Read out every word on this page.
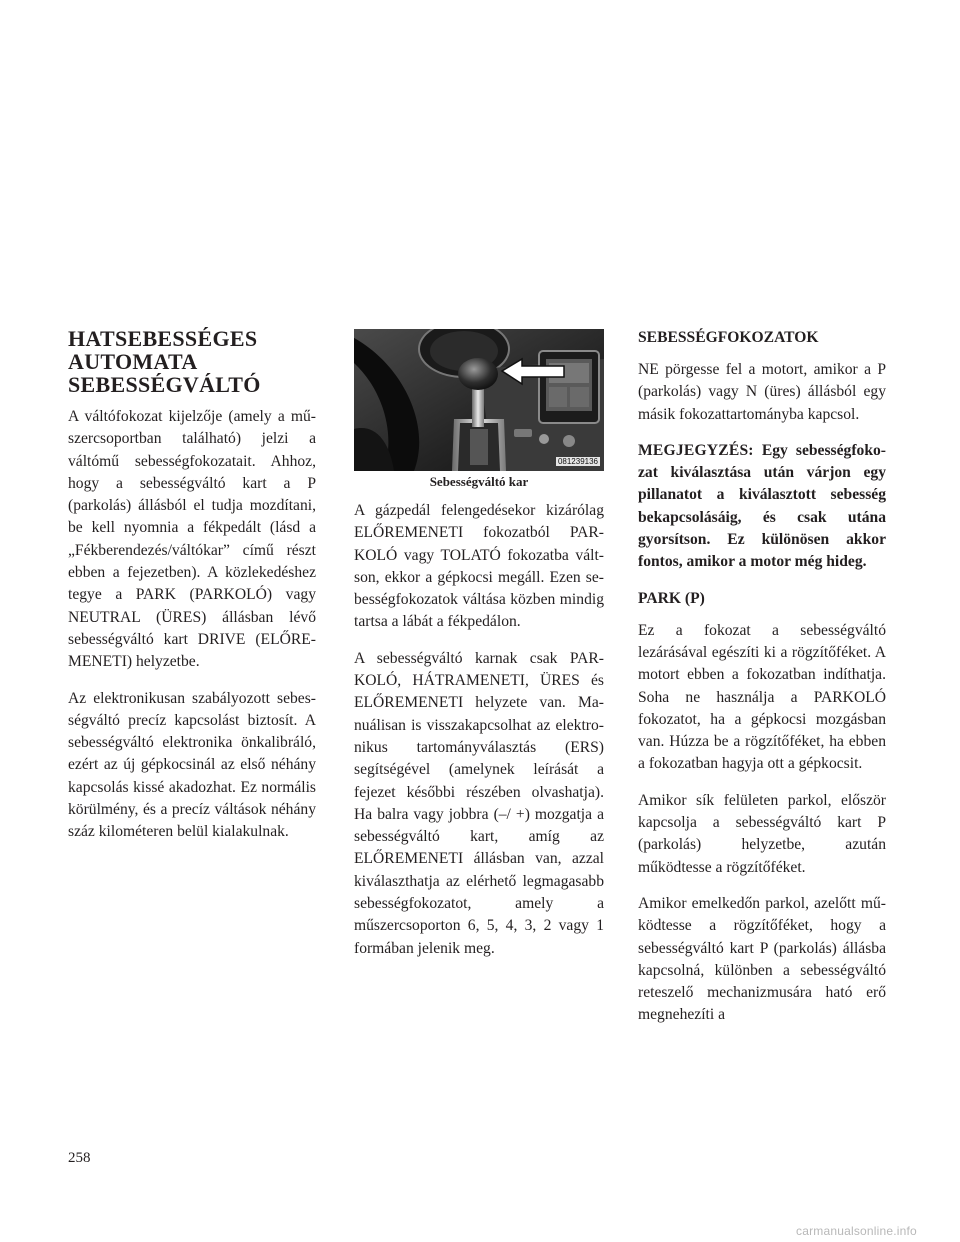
HATSEBESSÉGES
AUTOMATA
SEBESSÉGVÁLTÓ

A váltófokozat kijelzője (amely a műszercsoportban található) jelzi a váltómű sebességfokozatait. Ahhoz, hogy a sebességváltó kart a P (parkolás) állásból el tudja mozdítani, be kell nyomnia a fékpedált (lásd a „Fékberendezés/váltókar” című részt ebben a fejezetben). A közlekedéshez tegye a PARK (PARKOLÓ) vagy NEUTRAL (ÜRES) állásban lévő sebességváltó kart DRIVE (ELŐREMENETI) helyzetbe.

Az elektronikusan szabályozott sebességváltó precíz kapcsolást biztosít. A sebességváltó elektronika önkalibráló, ezért az új gépkocsinál az első néhány kapcsolás kissé akadozhat. Ez normális körülmény, és a precíz váltások néhány száz kilométeren belül kialakulnak.

081239136
Sebességváltó kar

A gázpedál felengedésekor kizárólag ELŐREMENETI fokozatból PARKOLÓ vagy TOLATÓ fokozatba váltson, ekkor a gépkocsi megáll. Ezen sebességfokozatok váltása közben mindig tartsa a lábát a fékpedálon.

A sebességváltó karnak csak PARKOLÓ, HÁTRAMENETI, ÜRES és ELŐREMENETI helyzete van. Manuálisan is visszakapcsolhat az elektronikus tartományválasztás (ERS) segítségével (amelynek leírását a fejezet későbbi részében olvashatja). Ha balra vagy jobbra (–/ +) mozgatja a sebességváltó kart, amíg az ELŐREMENETI állásban van, azzal kiválaszthatja az elérhető legmagasabb sebességfokozatot, amely a műszercsoporton 6, 5, 4, 3, 2 vagy 1 formában jelenik meg.

SEBESSÉGFOKOZATOK

NE pörgesse fel a motort, amikor a P (parkolás) vagy N (üres) állásból egy másik fokozattartományba kapcsol.

MEGJEGYZÉS: Egy sebességfokozat kiválasztása után várjon egy pillanatot a kiválasztott sebesség bekapcsolásáig, és csak utána gyorsítson. Ez különösen akkor fontos, amikor a motor még hideg.

PARK (P)

Ez a fokozat a sebességváltó lezárásával egészíti ki a rögzítőféket. A motort ebben a fokozatban indíthatja. Soha ne használja a PARKOLÓ fokozatot, ha a gépkocsi mozgásban van. Húzza be a rögzítőféket, ha ebben a fokozatban hagyja ott a gépkocsit.

Amikor sík felületen parkol, először kapcsolja a sebességváltó kart P (parkolás) helyzetbe, azután működtesse a rögzítőféket.

Amikor emelkedőn parkol, azelőtt működtesse a rögzítőféket, hogy a sebességváltó kart P (parkolás) állásba kapcsolná, különben a sebességváltó reteszelő mechanizmusára ható erő megnehezíti a

258
carmanualsonline.info
